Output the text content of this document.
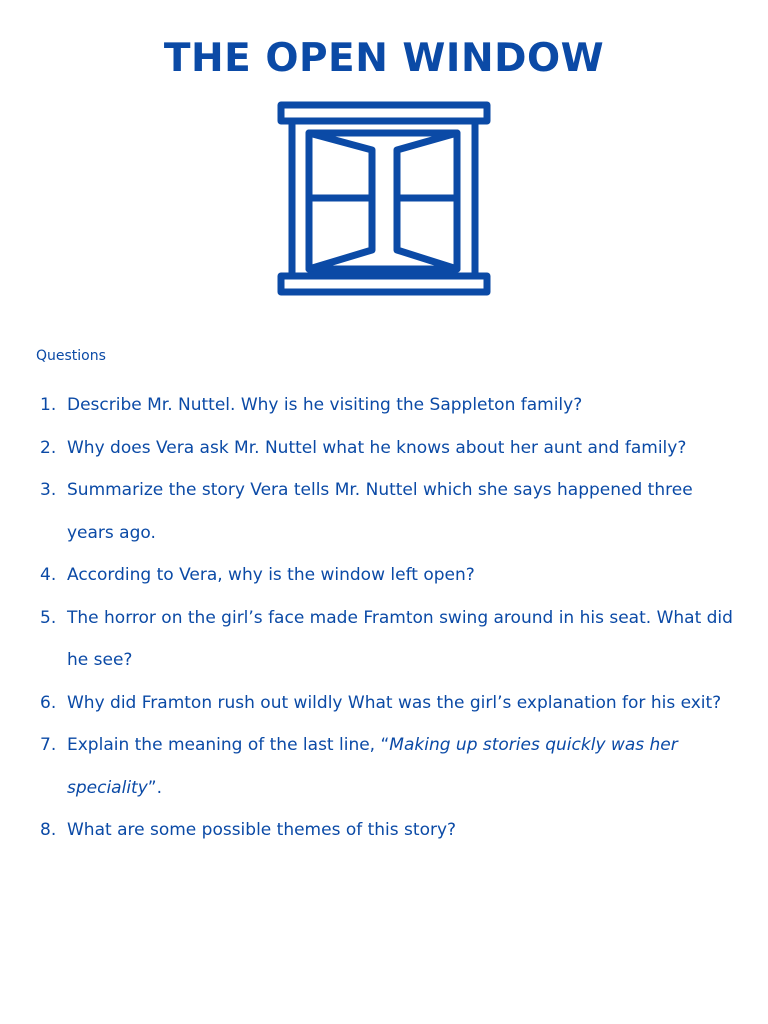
THE OPEN WINDOW

Questions

1. Describe Mr. Nuttel. Why is he visiting the Sappleton family?
2. Why does Vera ask Mr. Nuttel what he knows about her aunt and family?
3. Summarize the story Vera tells Mr. Nuttel which she says happened three years ago.
4. According to Vera, why is the window left open?
5. The horror on the girl’s face made Framton swing around in his seat. What did he see?
6. Why did Framton rush out wildly What was the girl’s explanation for his exit?
7. Explain the meaning of the last line, “Making up stories quickly was her speciality”.
8. What are some possible themes of this story?
